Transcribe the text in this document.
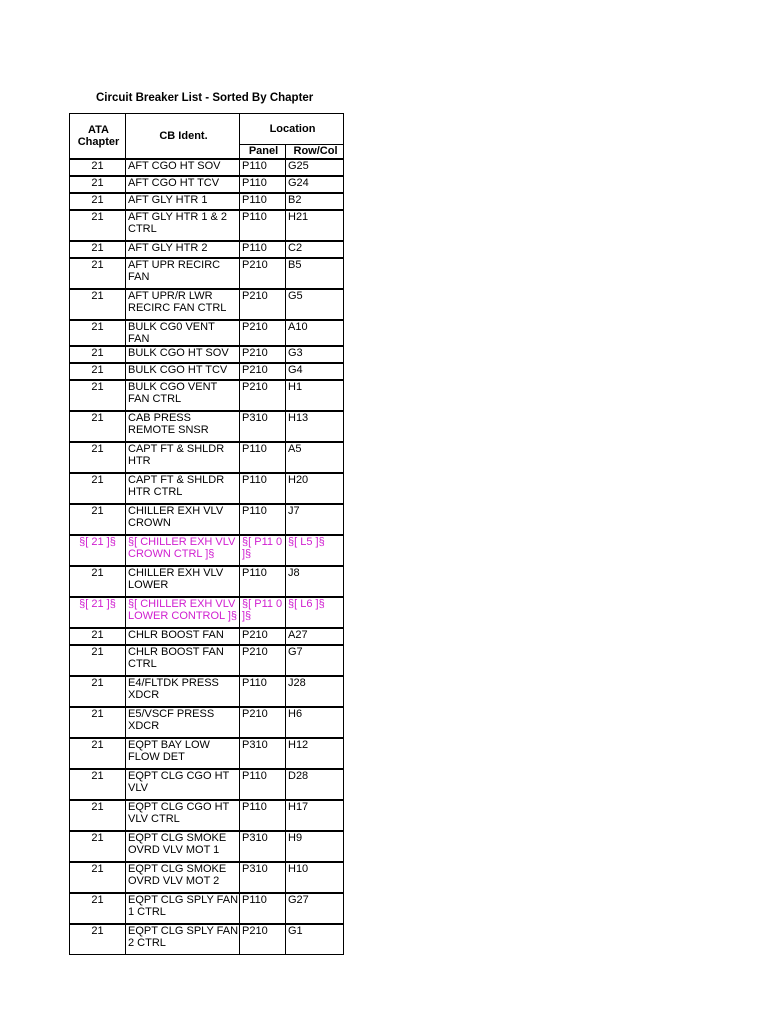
Circuit Breaker List - Sorted By Chapter
ATA
Chapter	CB Ident.	Location	
		Panel	Row/Col
21	AFT CGO HT SOV	P110	G25
21	AFT CGO HT TCV	P110	G24
21	AFT GLY HTR 1	P110	B2
21	AFT GLY HTR 1 & 2 CTRL	P110	H21
21	AFT GLY HTR 2	P110	C2
21	AFT UPR RECIRC FAN	P210	B5
21	AFT UPR/R LWR RECIRC FAN CTRL	P210	G5
21	BULK CG0 VENT FAN	P210	A10
21	BULK CGO HT SOV	P210	G3
21	BULK CGO HT TCV	P210	G4
21	BULK CGO VENT FAN CTRL	P210	H1
21	CAB PRESS REMOTE SNSR	P310	H13
21	CAPT FT & SHLDR HTR	P110	A5
21	CAPT FT & SHLDR HTR CTRL	P110	H20
21	CHILLER EXH VLV CROWN	P110	J7
§[ 21 ]§	§[ CHILLER EXH VLV CROWN CTRL ]§	§[ P11 0 ]§	§[ L5 ]§
21	CHILLER EXH VLV LOWER	P110	J8
§[ 21 ]§	§[ CHILLER EXH VLV LOWER CONTROL ]§	§[ P11 0 ]§	§[ L6 ]§
21	CHLR BOOST FAN	P210	A27
21	CHLR BOOST FAN CTRL	P210	G7
21	E4/FLTDK PRESS XDCR	P110	J28
21	E5/VSCF PRESS XDCR	P210	H6
21	EQPT BAY LOW FLOW DET	P310	H12
21	EQPT CLG CGO HT VLV	P110	D28
21	EQPT CLG CGO HT VLV CTRL	P110	H17
21	EQPT CLG SMOKE OVRD VLV MOT 1	P310	H9
21	EQPT CLG SMOKE OVRD VLV MOT 2	P310	H10
21	EQPT CLG SPLY FAN 1 CTRL	P110	G27
21	EQPT CLG SPLY FAN 2 CTRL	P210	G1
